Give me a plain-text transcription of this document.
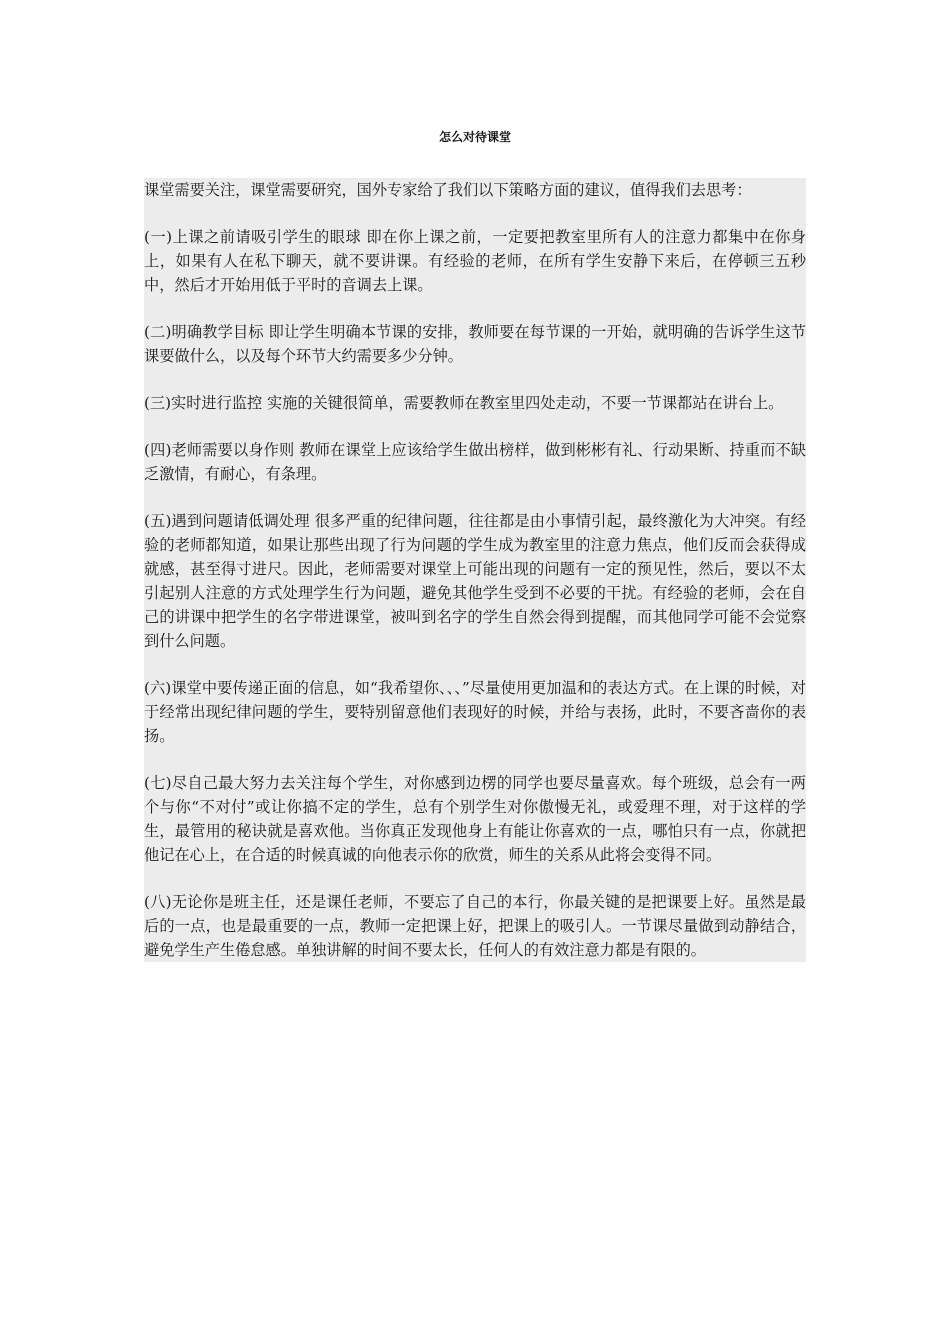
怎么对待课堂

课堂需要关注，课堂需要研究，国外专家给了我们以下策略方面的建议，值得我们去思考：

(一)上课之前请吸引学生的眼球 即在你上课之前，一定要把教室里所有人的注意力都集中在你身上，如果有人在私下聊天，就不要讲课。有经验的老师，在所有学生安静下来后，在停顿三五秒中，然后才开始用低于平时的音调去上课。

(二)明确教学目标 即让学生明确本节课的安排，教师要在每节课的一开始，就明确的告诉学生这节课要做什么，以及每个环节大约需要多少分钟。

(三)实时进行监控 实施的关键很简单，需要教师在教室里四处走动，不要一节课都站在讲台上。

(四)老师需要以身作则 教师在课堂上应该给学生做出榜样，做到彬彬有礼、行动果断、持重而不缺乏激情，有耐心，有条理。

(五)遇到问题请低调处理 很多严重的纪律问题，往往都是由小事情引起，最终激化为大冲突。有经验的老师都知道，如果让那些出现了行为问题的学生成为教室里的注意力焦点，他们反而会获得成就感，甚至得寸进尺。因此，老师需要对课堂上可能出现的问题有一定的预见性，然后，要以不太引起别人注意的方式处理学生行为问题，避免其他学生受到不必要的干扰。有经验的老师，会在自己的讲课中把学生的名字带进课堂，被叫到名字的学生自然会得到提醒，而其他同学可能不会觉察到什么问题。

(六)课堂中要传递正面的信息，如“我希望你、、、”尽量使用更加温和的表达方式。在上课的时候，对于经常出现纪律问题的学生，要特别留意他们表现好的时候，并给与表扬，此时，不要吝啬你的表扬。

(七)尽自己最大努力去关注每个学生，对你感到边楞的同学也要尽量喜欢。每个班级，总会有一两个与你“不对付”或让你搞不定的学生，总有个别学生对你傲慢无礼，或爱理不理，对于这样的学生，最管用的秘诀就是喜欢他。当你真正发现他身上有能让你喜欢的一点，哪怕只有一点，你就把他记在心上，在合适的时候真诚的向他表示你的欣赏，师生的关系从此将会变得不同。

(八)无论你是班主任，还是课任老师，不要忘了自己的本行，你最关键的是把课要上好。虽然是最后的一点，也是最重要的一点，教师一定把课上好，把课上的吸引人。一节课尽量做到动静结合，避免学生产生倦怠感。单独讲解的时间不要太长，任何人的有效注意力都是有限的。
